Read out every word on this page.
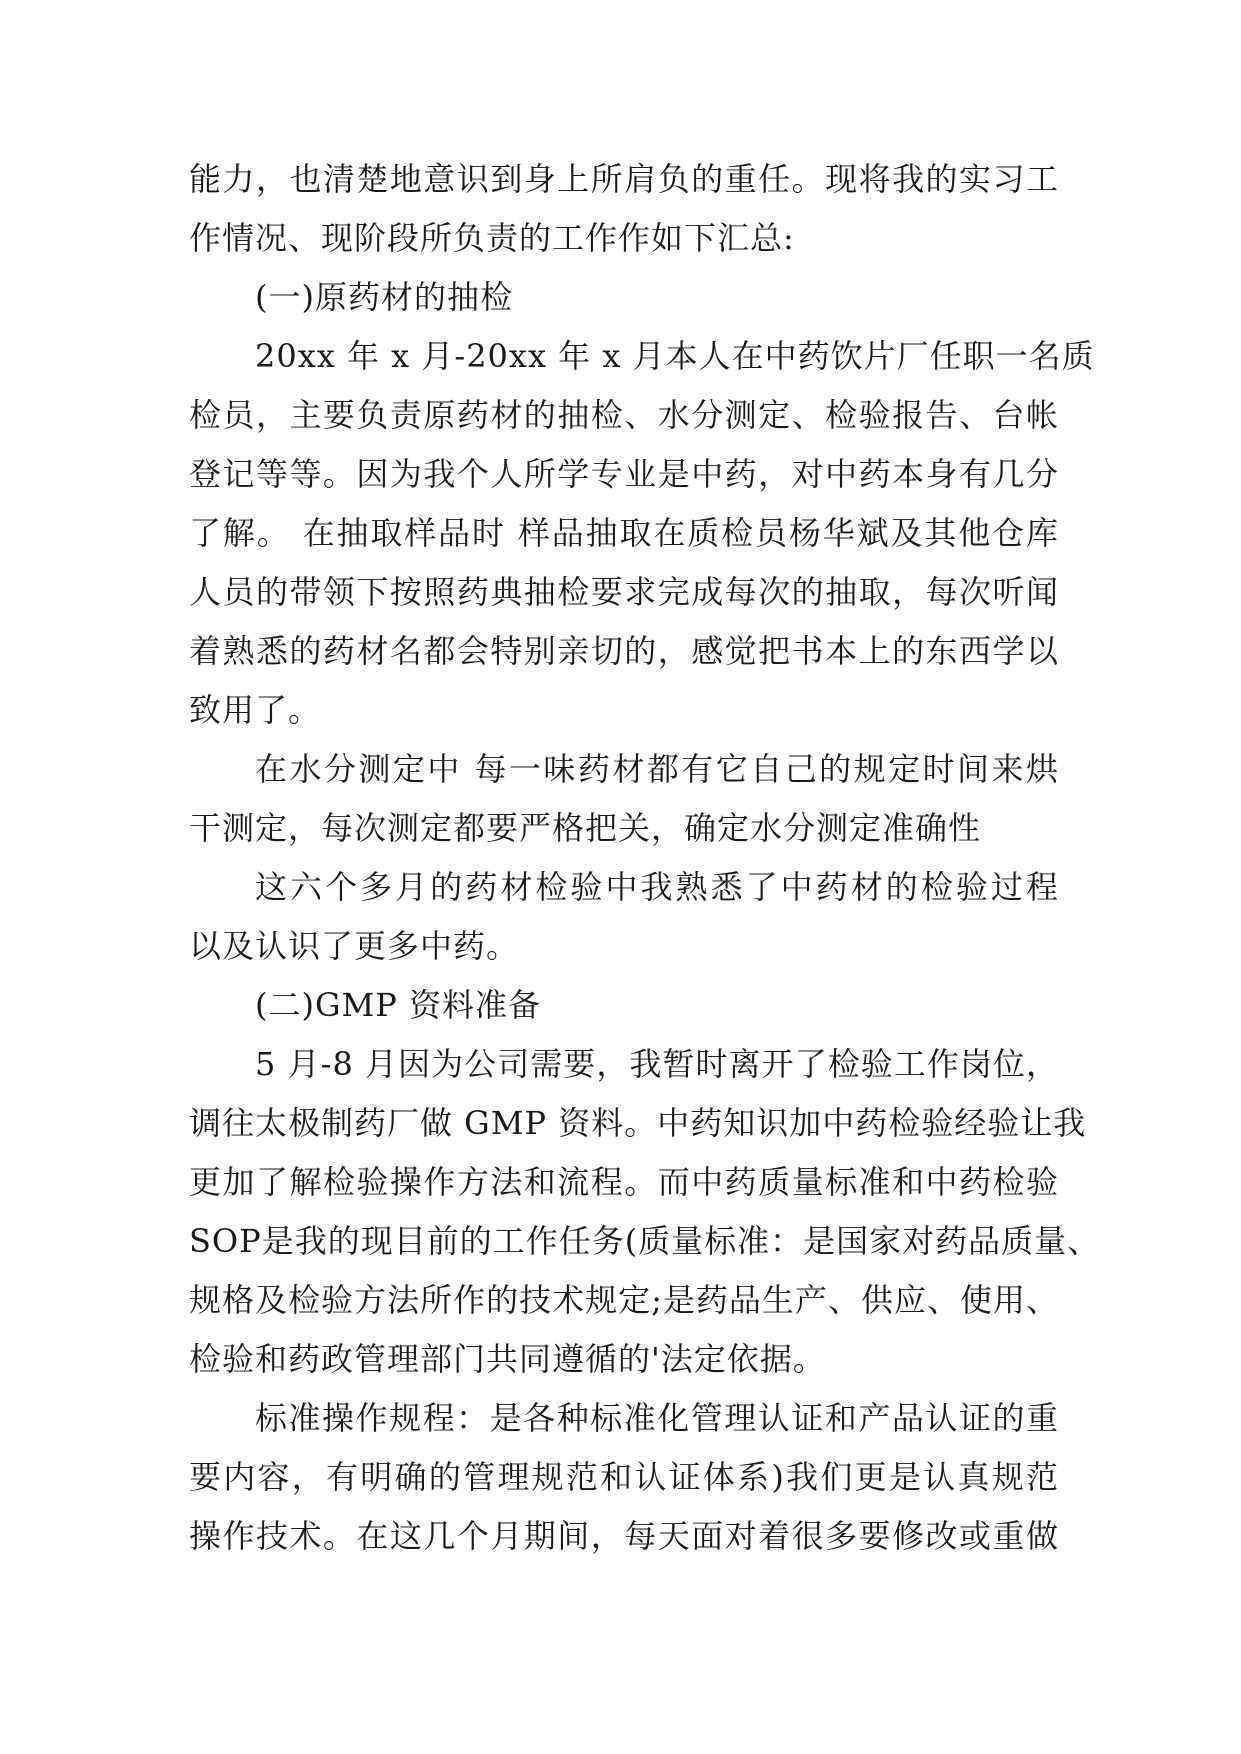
能力，也清楚地意识到身上所肩负的重任。现将我的实习工
作情况、现阶段所负责的工作作如下汇总:
(一)原药材的抽检
20xx 年 x 月-20xx 年 x 月本人在中药饮片厂任职一名质
检员，主要负责原药材的抽检、水分测定、检验报告、台帐
登记等等。因为我个人所学专业是中药，对中药本身有几分
了解。 在抽取样品时 样品抽取在质检员杨华斌及其他仓库
人员的带领下按照药典抽检要求完成每次的抽取，每次听闻
着熟悉的药材名都会特别亲切的，感觉把书本上的东西学以
致用了。
在水分测定中 每一味药材都有它自己的规定时间来烘
干测定，每次测定都要严格把关，确定水分测定准确性
这六个多月的药材检验中我熟悉了中药材的检验过程
以及认识了更多中药。
(二)GMP 资料准备
5 月-8 月因为公司需要，我暂时离开了检验工作岗位，
调往太极制药厂做 GMP 资料。中药知识加中药检验经验让我
更加了解检验操作方法和流程。而中药质量标准和中药检验
SOP是我的现目前的工作任务(质量标准：是国家对药品质量、
规格及检验方法所作的技术规定;是药品生产、供应、使用、
检验和药政管理部门共同遵循的'法定依据。
标准操作规程：是各种标准化管理认证和产品认证的重
要内容，有明确的管理规范和认证体系)我们更是认真规范
操作技术。在这几个月期间，每天面对着很多要修改或重做
